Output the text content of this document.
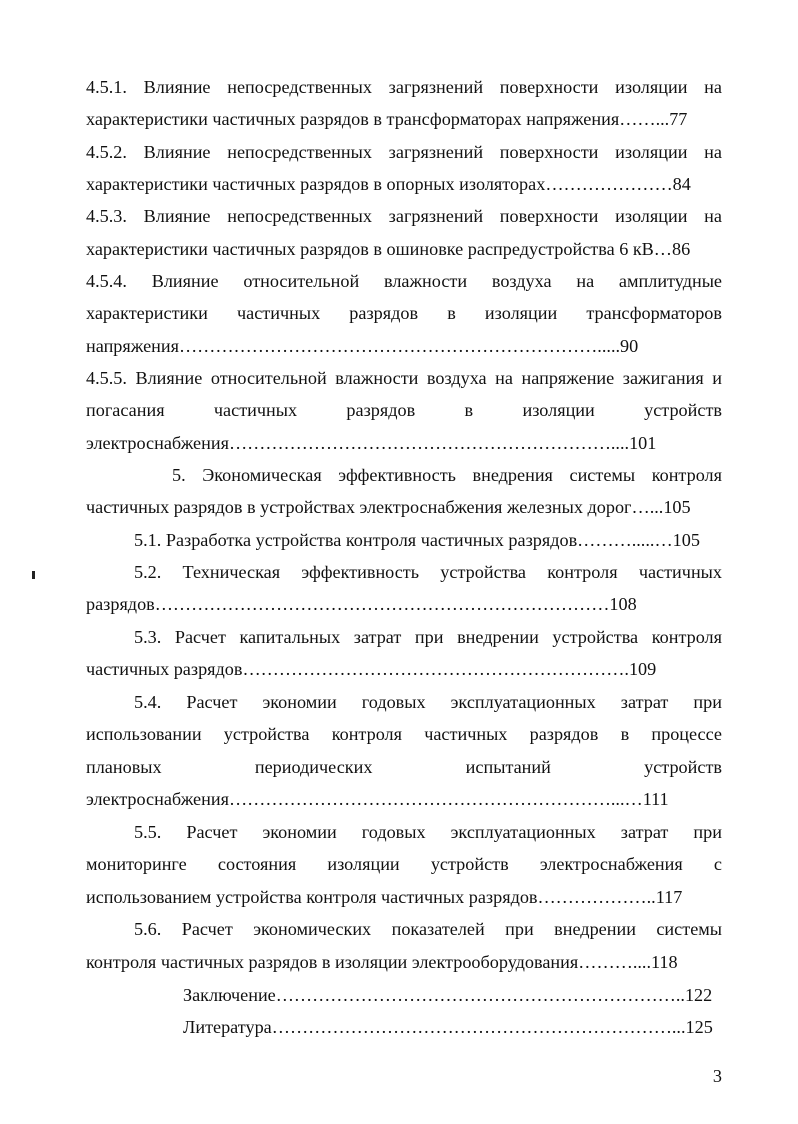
4.5.1. Влияние непосредственных загрязнений поверхности изоляции на
характеристики частичных разрядов в трансформаторах напряжения……...77
4.5.2. Влияние непосредственных загрязнений поверхности изоляции на
характеристики частичных разрядов в опорных изоляторах…………………84
4.5.3. Влияние непосредственных загрязнений поверхности изоляции на
характеристики частичных разрядов в ошиновке распредустройства 6 кВ…86
4.5.4. Влияние относительной влажности воздуха на амплитудные
характеристики частичных разрядов в изоляции трансформаторов
напряжения…………………………………………………………….....90
4.5.5. Влияние относительной влажности воздуха на напряжение зажигания и
погасания частичных разрядов в изоляции устройств
электроснабжения………………………………………………………....101
5. Экономическая эффективность внедрения системы контроля
частичных разрядов в устройствах электроснабжения железных дорог…...105
5.1. Разработка устройства контроля частичных разрядов……….....…105
5.2. Техническая эффективность устройства контроля частичных
разрядов…………………………………………………………………108
5.3. Расчет капитальных затрат при внедрении устройства контроля
частичных разрядов……………………………………………………….109
5.4. Расчет экономии годовых эксплуатационных затрат при
использовании устройства контроля частичных разрядов в процессе
плановых периодических испытаний устройств
электроснабжения………………………………………………………...…111
5.5. Расчет экономии годовых эксплуатационных затрат при
мониторинге состояния изоляции устройств электроснабжения с
использованием устройства контроля частичных разрядов………………..117
5.6. Расчет экономических показателей при внедрении системы
контроля частичных разрядов в изоляции электрооборудования………....118
Заключение…………………………………………………………..122
Литература…………………………………………………………...125
3
